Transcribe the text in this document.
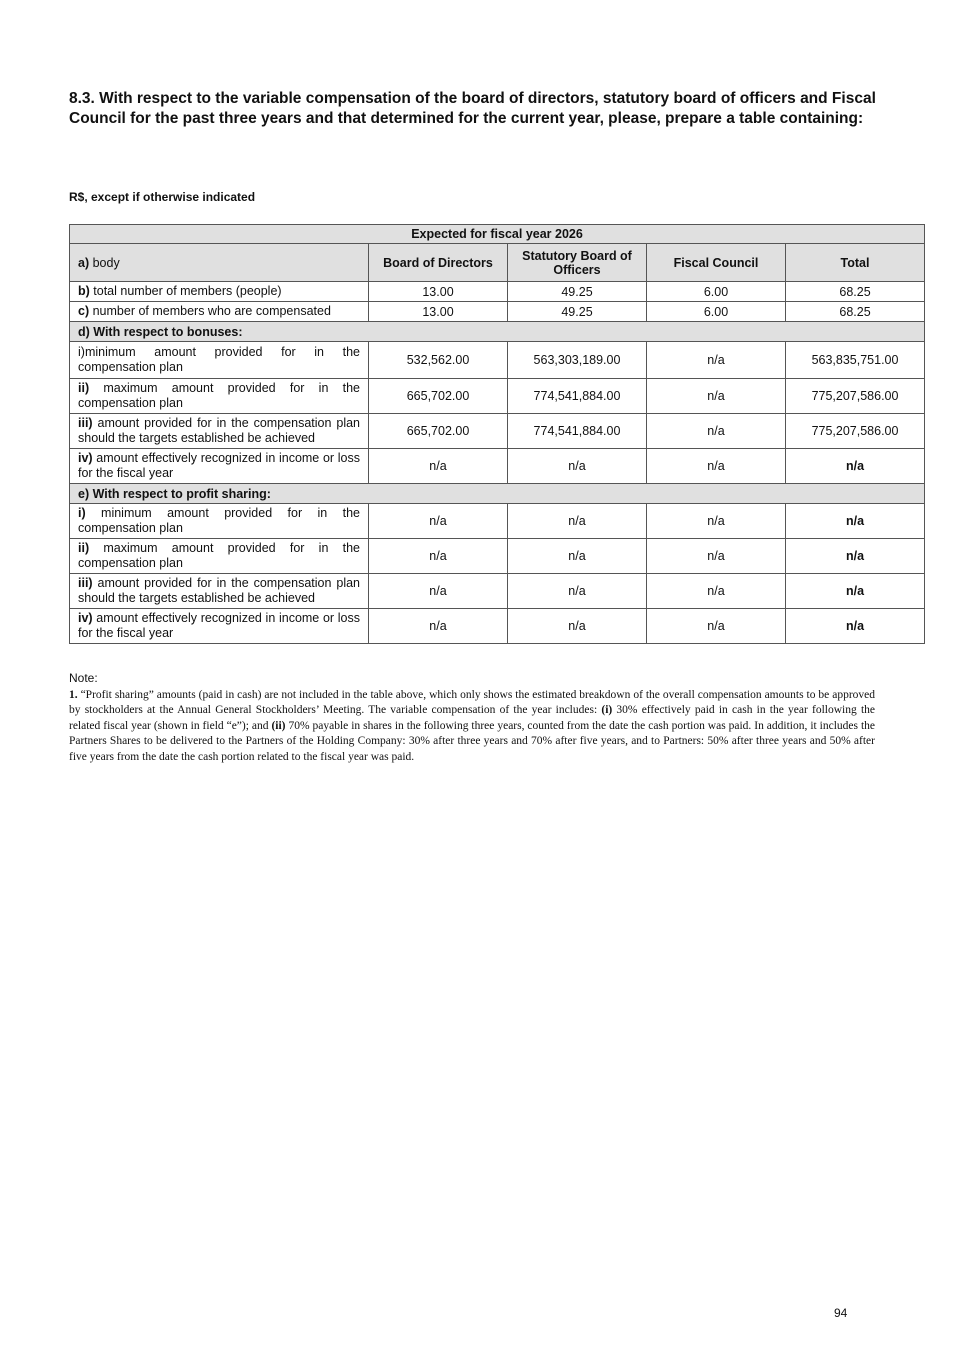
8.3. With respect to the variable compensation of the board of directors, statutory board of officers and Fiscal Council for the past three years and that determined for the current year, please, prepare a table containing:
R$, except if otherwise indicated
Expected for fiscal year 2026				
a) body	Board of Directors	Statutory Board of Officers	Fiscal Council	Total
b) total number of members (people)	13.00	49.25	6.00	68.25
c) number of members who are compensated	13.00	49.25	6.00	68.25
d) With respect to bonuses:				
i)minimum amount provided for in the compensation plan	532,562.00	563,303,189.00	n/a	563,835,751.00
ii) maximum amount provided for in the compensation plan	665,702.00	774,541,884.00	n/a	775,207,586.00
iii) amount provided for in the compensation plan should the targets established be achieved	665,702.00	774,541,884.00	n/a	775,207,586.00
iv) amount effectively recognized in income or loss for the fiscal year	n/a	n/a	n/a	n/a
e) With respect to profit sharing:				
i) minimum amount provided for in the compensation plan	n/a	n/a	n/a	n/a
ii) maximum amount provided for in the compensation plan	n/a	n/a	n/a	n/a
iii) amount provided for in the compensation plan should the targets established be achieved	n/a	n/a	n/a	n/a
iv) amount effectively recognized in income or loss for the fiscal year	n/a	n/a	n/a	n/a
Note:
1. “Profit sharing” amounts (paid in cash) are not included in the table above, which only shows the estimated breakdown of the overall compensation amounts to be approved by stockholders at the Annual General Stockholders’ Meeting. The variable compensation of the year includes: (i) 30% effectively paid in cash in the year following the related fiscal year (shown in field “e”); and (ii) 70% payable in shares in the following three years, counted from the date the cash portion was paid. In addition, it includes the Partners Shares to be delivered to the Partners of the Holding Company: 30% after three years and 70% after five years, and to Partners: 50% after three years and 50% after five years from the date the cash portion related to the fiscal year was paid.
94
